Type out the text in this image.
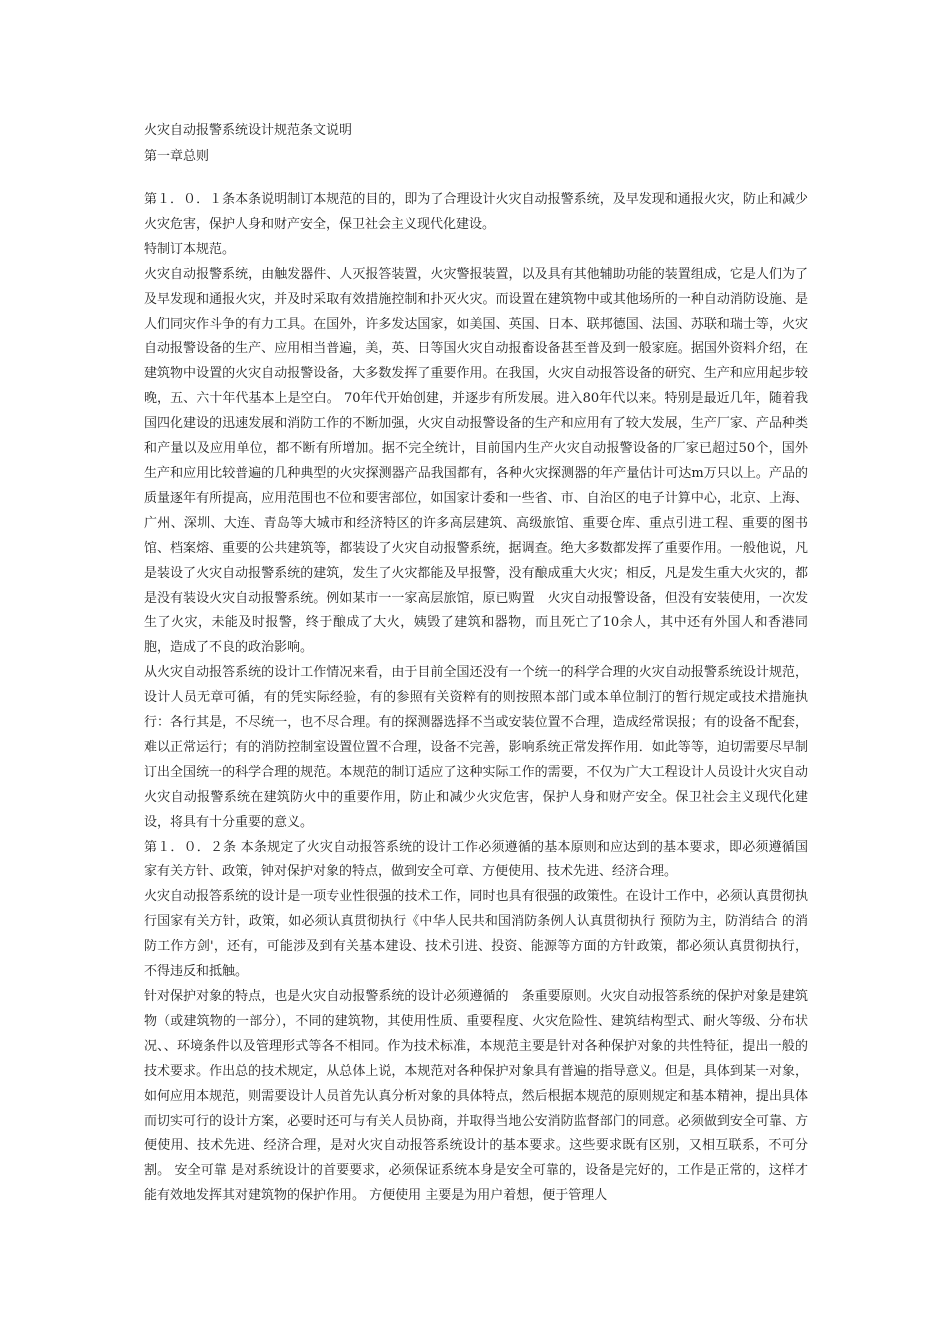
火灾自动报警系统设计规范条文说明

第一章总则

第１．０．１条本条说明制订本规范的目的，即为了合理设计火灾自动报警系统，及早发现和通报火灾，防止和减少火灾危害，保护人身和财产安全，保卫社会主义现代化建设。

特制订本规范。

火灾自动报警系统，由触发器件、人灭报答装置，火灾警报装置，以及具有其他辅助功能的装置组成，它是人们为了及早发现和通报火灾，并及时采取有效措施控制和扑灭火灾。而设置在建筑物中或其他场所的一种自动消防设施、是人们同灾作斗争的有力工具。在国外，许多发达国家，如美国、英国、日本、联邦德国、法国、苏联和瑞士等，火灾自动报警设备的生产、应用相当普遍，美，英、日等国火灾自动报畜设备甚至普及到一般家庭。据国外资料介绍，在建筑物中设置的火灾自动报警设备，大多数发挥了重要作用。在我国，火灾自动报答设备的研究、生产和应用起步较晚，五、六十年代基本上是空白。 70年代开始创建，并逐步有所发展。进入80年代以来。特别是最近几年，随着我国四化建设的迅速发展和消防工作的不断加强，火灾自动报警设备的生产和应用有了较大发展，生产厂家、产品种类和产量以及应用单位，都不断有所增加。据不完全统计，目前国内生产火灾自动报警设备的厂家已超过50个，国外生产和应用比较普遍的几种典型的火灾探测器产品我国都有，各种火灾探测器的年产量估计可达m万只以上。产品的质量逐年有所提高，应用范围也不位和要害部位，如国家计委和一些省、市、自治区的电子计算中心，北京、上海、广州、深圳、大连、青岛等大城市和经济特区的许多高层建筑、高级旅馆、重要仓库、重点引进工程、重要的图书馆、档案熔、重要的公共建筑等，都装设了火灾自动报警系统，据调查。绝大多数都发挥了重要作用。一般他说，凡是装设了火灾自动报警系统的建筑，发生了火灾都能及早报警，没有酿成重大火灾；相反，凡是发生重大火灾的，都是没有装设火灾自动报警系统。例如某市一一家高层旅馆，原已购置　火灾自动报警设备，但没有安装使用，一次发生了火灾，未能及时报警，终于酿成了大火，姨毁了建筑和器物，而且死亡了10余人，其中还有外国人和香港同胞，造成了不良的政治影响。

从火灾自动报答系统的设计工作情况来看，由于目前全国还没有一个统一的科学合理的火灾自动报警系统设计规范，设计人员无章可循，有的凭实际经验，有的参照有关资粹有的则按照本部门或本单位制汀的暂行规定或技术措施执行：各行其是，不尽统一，也不尽合理。有的探测器选择不当或安装位置不合理，造成经常误报；有的设备不配套，难以正常运行；有的消防控制室设置位置不合理，设备不完善，影响系统正常发挥作用．如此等等，迫切需要尽早制订出全国统一的科学合理的规范。本规范的制订适应了这种实际工作的需要，不仅为广大工程设计人员设计火灾自动火灾自动报警系统在建筑防火中的重要作用，防止和减少火灾危害，保护人身和财产安全。保卫社会主义现代化建设，将具有十分重要的意义。

第１．０．２条 本条规定了火灾自动报答系统的设计工作必须遵循的基本原则和应达到的基本要求，即必须遵循国家有关方针、政策，钟对保护对象的特点，做到安全可章、方便使用、技术先进、经济合理。

火灾自动报答系统的设计是一项专业性很强的技术工作，同时也具有很强的政策性。在设计工作中，必须认真贯彻执行国家有关方针，政策，如必须认真贯彻执行《中华人民共和国消防条例人认真贯彻执行 预防为主，防消结合 的消防工作方剑'，还有，可能涉及到有关基本建设、技术引进、投资、能源等方面的方针政策，都必须认真贯彻执行，不得违反和抵触。

针对保护对象的特点，也是火灾自动报警系统的设计必须遵循的　条重要原则。火灾自动报答系统的保护对象是建筑物（或建筑物的一部分），不同的建筑物，其使用性质、重要程度、火灾危险性、建筑结构型式、耐火等级、分布状况、、环境条件以及管理形式等各不相同。作为技术标准，本规范主要是针对各种保护对象的共性特征，提出一般的技术要求。作出总的技术规定，从总体上说，本规范对各种保护对象具有普遍的指导意义。但是，具体到某一对象，如何应用本规范，则需要设计人员首先认真分析对象的具体特点，然后根据本规范的原则规定和基本精神，提出具体而切实可行的设计方案，必要时还可与有关人员协商，并取得当地公安消防监督部门的同意。必须做到安全可靠、方便使用、技术先进、经济合理，是对火灾自动报答系统设计的基本要求。这些要求既有区别，又相互联系，不可分割。 安全可靠 是对系统设计的首要要求，必须保证系统本身是安全可靠的，设备是完好的，工作是正常的，这样才能有效地发挥其对建筑物的保护作用。 方便使用 主要是为用户着想，便于管理人
